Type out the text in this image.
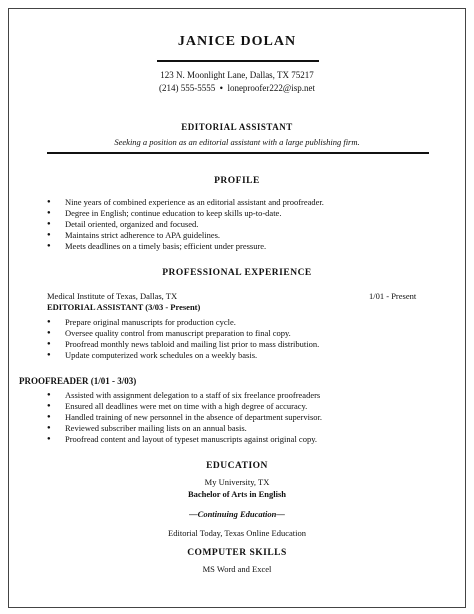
JANICE DOLAN
123 N. Moonlight Lane, Dallas, TX 75217
(214) 555-5555  •  loneproofer222@isp.net
EDITORIAL ASSISTANT
Seeking a position as an editorial assistant with a large publishing firm.
PROFILE
● Nine years of combined experience as an editorial assistant and proofreader.
● Degree in English; continue education to keep skills up-to-date.
● Detail oriented, organized and focused.
● Maintains strict adherence to APA guidelines.
● Meets deadlines on a timely basis; efficient under pressure.
PROFESSIONAL EXPERIENCE
Medical Institute of Texas, Dallas, TX	1/01 - Present
EDITORIAL ASSISTANT (3/03 - Present)
● Prepare original manuscripts for production cycle.
● Oversee quality control from manuscript preparation to final copy.
● Proofread monthly news tabloid and mailing list prior to mass distribution.
● Update computerized work schedules on a weekly basis.
PROOFREADER (1/01 - 3/03)
● Assisted with assignment delegation to a staff of six freelance proofreaders
● Ensured all deadlines were met on time with a high degree of accuracy.
● Handled training of new personnel in the absence of department supervisor.
● Reviewed subscriber mailing lists on an annual basis.
● Proofread content and layout of typeset manuscripts against original copy.
EDUCATION
My University, TX
Bachelor of Arts in English
—Continuing Education—
Editorial Today, Texas Online Education
COMPUTER SKILLS
MS Word and Excel
